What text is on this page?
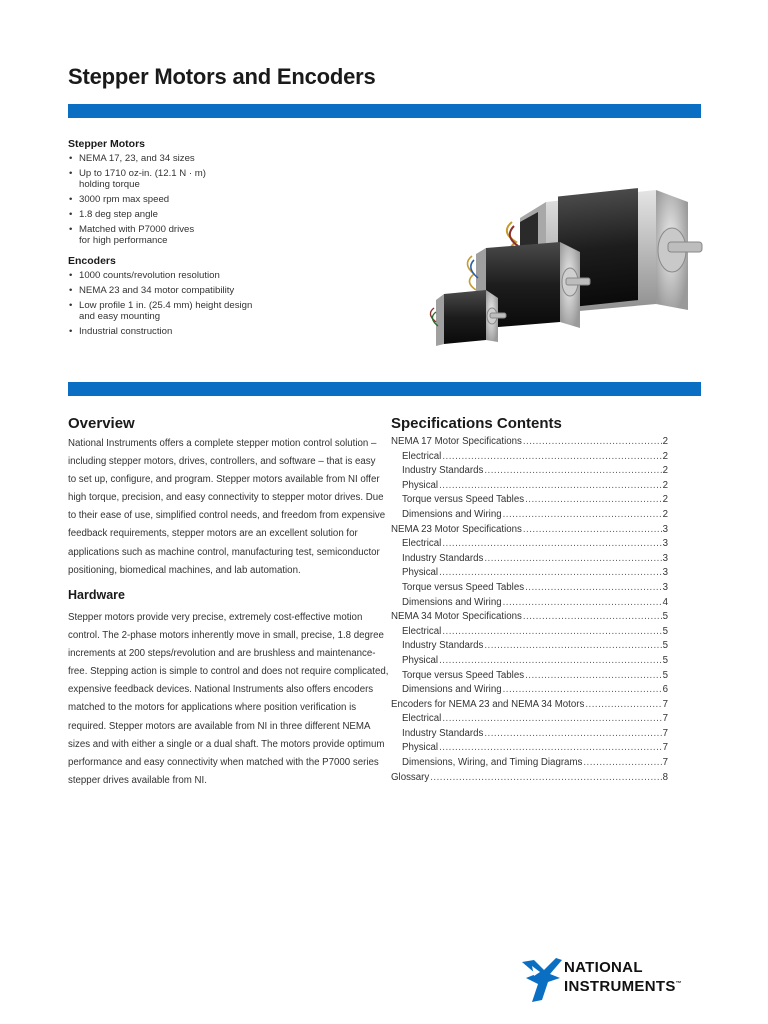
Stepper Motors and Encoders
Stepper Motors
• NEMA 17, 23, and 34 sizes
• Up to 1710 oz-in. (12.1 N · m)
holding torque
• 3000 rpm max speed
• 1.8 deg step angle
• Matched with P7000 drives
for high performance
Encoders
• 1000 counts/revolution resolution
• NEMA 23 and 34 motor compatibility
• Low profile 1 in. (25.4 mm) height design
and easy mounting
• Industrial construction
Overview
National Instruments offers a complete stepper motion control solution –
including stepper motors, drives, controllers, and software – that is easy
to set up, configure, and program. Stepper motors available from NI offer
high torque, precision, and easy connectivity to stepper motor drives. Due
to their ease of use, simplified control needs, and freedom from expensive
feedback requirements, stepper motors are an excellent solution for
applications such as machine control, manufacturing test, semiconductor
positioning, biomedical machines, and lab automation.
Hardware
Stepper motors provide very precise, extremely cost-effective motion
control. The 2-phase motors inherently move in small, precise, 1.8 degree
increments at 200 steps/revolution and are brushless and maintenance-
free. Stepping action is simple to control and does not require complicated,
expensive feedback devices. National Instruments also offers encoders
matched to the motors for applications where position verification is
required. Stepper motors are available from NI in three different NEMA
sizes and with either a single or a dual shaft. The motors provide optimum
performance and easy connectivity when matched with the P7000 series
stepper drives available from NI.
Specifications Contents
NEMA 17 Motor Specifications .....	2
Electrical .....	2
Industry Standards .....	2
Physical .....	2
Torque versus Speed Tables .....	2
Dimensions and Wiring .....	2
NEMA 23 Motor Specifications .....	3
Electrical .....	3
Industry Standards .....	3
Physical .....	3
Torque versus Speed Tables .....	3
Dimensions and Wiring .....	4
NEMA 34 Motor Specifications .....	5
Electrical .....	5
Industry Standards .....	5
Physical .....	5
Torque versus Speed Tables .....	5
Dimensions and Wiring .....	6
Encoders for NEMA 23 and NEMA 34 Motors .....	7
Electrical .....	7
Industry Standards .....	7
Physical .....	7
Dimensions, Wiring, and Timing Diagrams .....	7
Glossary .....	8
NATIONAL
INSTRUMENTS™
